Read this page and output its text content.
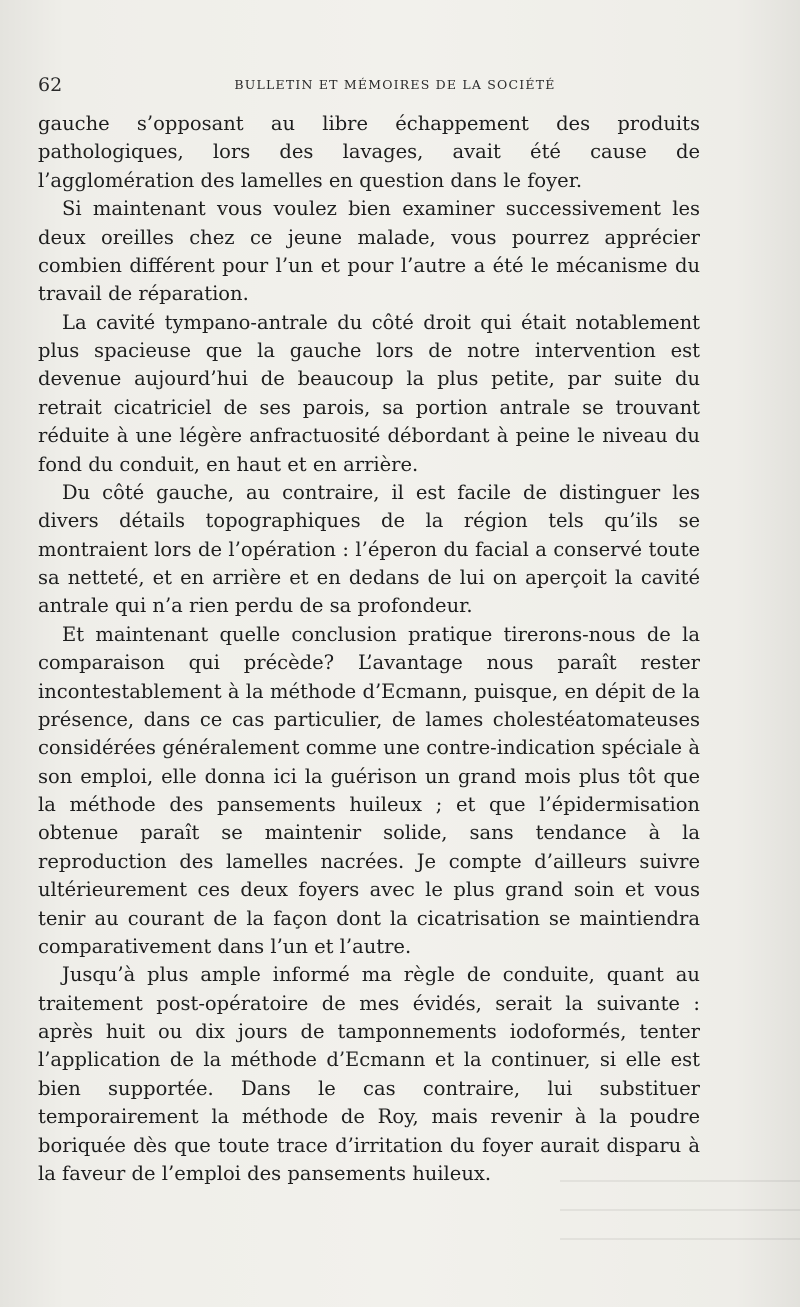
62	BULLETIN ET MÉMOIRES DE LA SOCIÉTÉ

gauche s’opposant au libre échappement des produits pathologiques, lors des lavages, avait été cause de l’agglomération des lamelles en question dans le foyer.

Si maintenant vous voulez bien examiner successivement les deux oreilles chez ce jeune malade, vous pourrez apprécier combien différent pour l’un et pour l’autre a été le mécanisme du travail de réparation.

La cavité tympano-antrale du côté droit qui était notablement plus spacieuse que la gauche lors de notre intervention est devenue aujourd’hui de beaucoup la plus petite, par suite du retrait cicatriciel de ses parois, sa portion antrale se trouvant réduite à une légère anfractuosité débordant à peine le niveau du fond du conduit, en haut et en arrière.

Du côté gauche, au contraire, il est facile de distinguer les divers détails topographiques de la région tels qu’ils se montraient lors de l’opération : l’éperon du facial a conservé toute sa netteté, et en arrière et en dedans de lui on aperçoit la cavité antrale qui n’a rien perdu de sa profondeur.

Et maintenant quelle conclusion pratique tirerons-nous de la comparaison qui précède? L’avantage nous paraît rester incontestablement à la méthode d’Ecmann, puisque, en dépit de la présence, dans ce cas particulier, de lames cholestéatomateuses considérées généralement comme une contre-indication spéciale à son emploi, elle donna ici la guérison un grand mois plus tôt que la méthode des pansements huileux ; et que l’épidermisation obtenue paraît se maintenir solide, sans tendance à la reproduction des lamelles nacrées. Je compte d’ailleurs suivre ultérieurement ces deux foyers avec le plus grand soin et vous tenir au courant de la façon dont la cicatrisation se maintiendra comparativement dans l’un et l’autre.

Jusqu’à plus ample informé ma règle de conduite, quant au traitement post-opératoire de mes évidés, serait la suivante : après huit ou dix jours de tamponnements iodoformés, tenter l’application de la méthode d’Ecmann et la continuer, si elle est bien supportée. Dans le cas contraire, lui substituer temporairement la méthode de Roy, mais revenir à la poudre boriquée dès que toute trace d’irritation du foyer aurait disparu à la faveur de l’emploi des pansements huileux.
